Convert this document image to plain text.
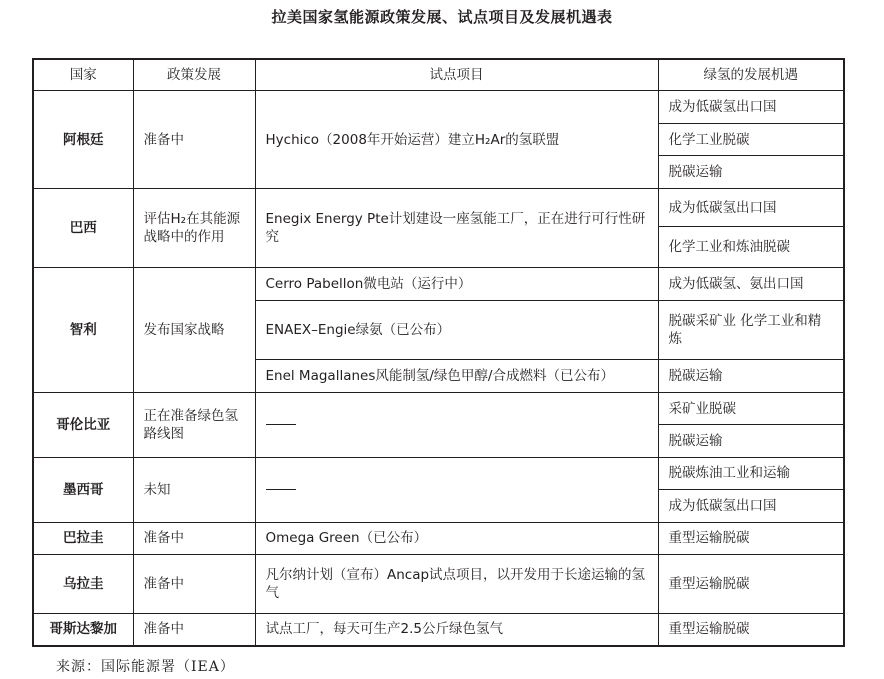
拉美国家氢能源政策发展、试点项目及发展机遇表
国家	政策发展	试点项目	绿氢的发展机遇
阿根廷	准备中	Hychico（2008年开始运营）建立H₂Ar的氢联盟	成为低碳氢出口国
			化学工业脱碳
			脱碳运输
巴西	评估H₂在其能源战略中的作用	Enegix Energy Pte计划建设一座氢能工厂，正在进行可行性研究	成为低碳氢出口国
			化学工业和炼油脱碳
智利	发布国家战略	Cerro Pabellon微电站（运行中）	成为低碳氢、氨出口国
		ENAEX–Engie绿氨（已公布）	脱碳采矿业 化学工业和精炼
		Enel Magallanes风能制氢/绿色甲醇/合成燃料（已公布）	脱碳运输
哥伦比亚	正在准备绿色氢路线图		采矿业脱碳
			脱碳运输
墨西哥	未知		脱碳炼油工业和运输
			成为低碳氢出口国
巴拉圭	准备中	Omega Green（已公布）	重型运输脱碳
乌拉圭	准备中	凡尔纳计划（宣布）Ancap试点项目，以开发用于长途运输的氢气	重型运输脱碳
哥斯达黎加	准备中	试点工厂，每天可生产2.5公斤绿色氢气	重型运输脱碳
来源：国际能源署（IEA）
